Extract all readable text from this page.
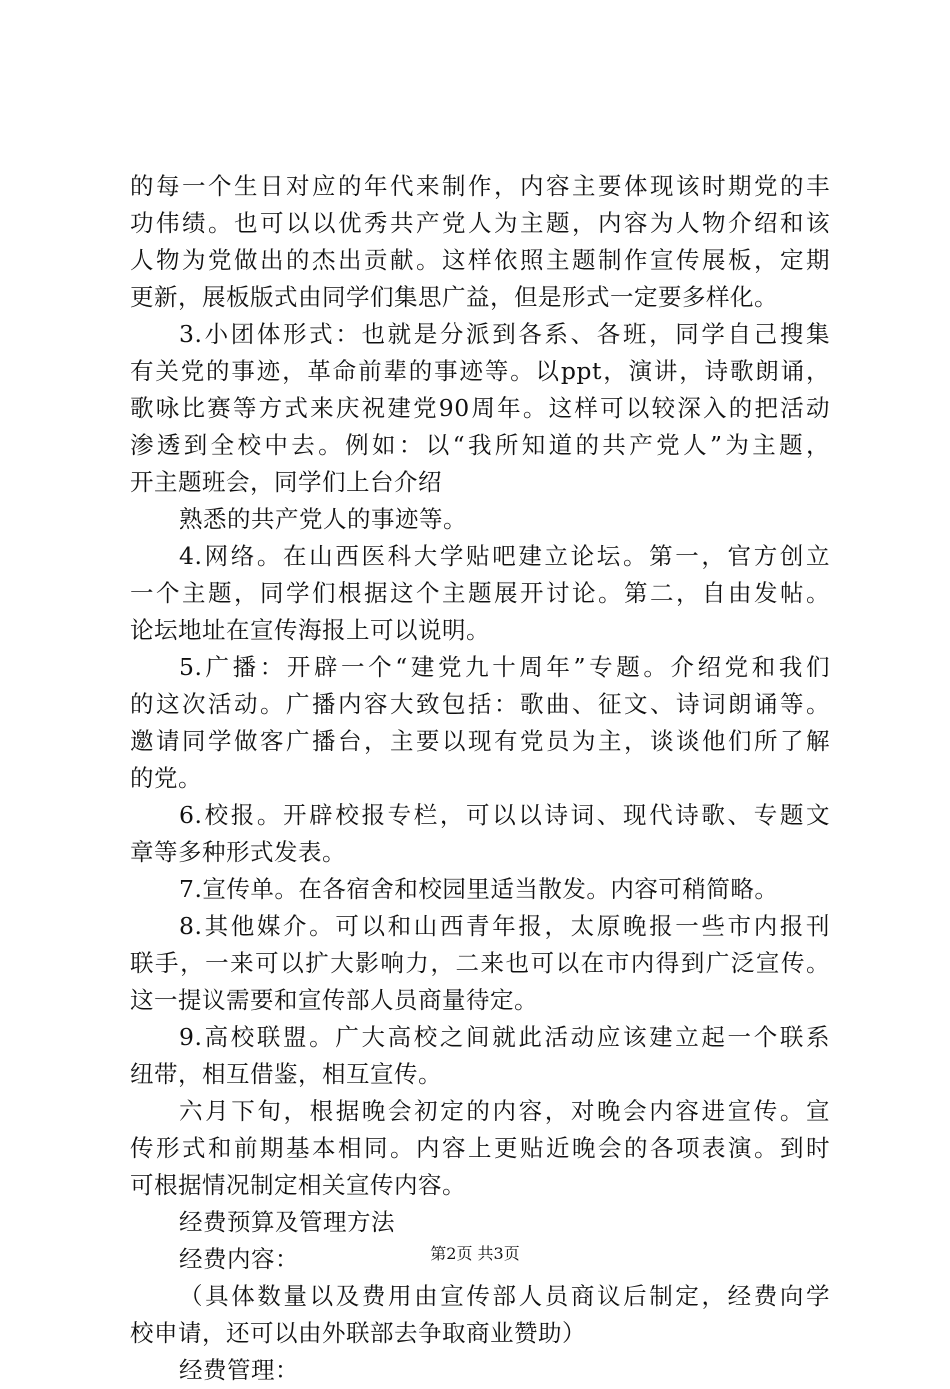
的每一个生日对应的年代来制作，内容主要体现该时期党的丰
功伟绩。也可以以优秀共产党人为主题，内容为人物介绍和该
人物为党做出的杰出贡献。这样依照主题制作宣传展板，定期
更新，展板版式由同学们集思广益，但是形式一定要多样化。
3.小团体形式：也就是分派到各系、各班，同学自己搜集
有关党的事迹，革命前辈的事迹等。以ppt，演讲，诗歌朗诵，
歌咏比赛等方式来庆祝建党90周年。这样可以较深入的把活动
渗透到全校中去。例如：以“我所知道的共产党人”为主题，
开主题班会，同学们上台介绍
熟悉的共产党人的事迹等。
4.网络。在山西医科大学贴吧建立论坛。第一，官方创立
一个主题，同学们根据这个主题展开讨论。第二，自由发帖。
论坛地址在宣传海报上可以说明。
5.广播：开辟一个“建党九十周年”专题。介绍党和我们
的这次活动。广播内容大致包括：歌曲、征文、诗词朗诵等。
邀请同学做客广播台，主要以现有党员为主，谈谈他们所了解
的党。
6.校报。开辟校报专栏，可以以诗词、现代诗歌、专题文
章等多种形式发表。
7.宣传单。在各宿舍和校园里适当散发。内容可稍简略。
8.其他媒介。可以和山西青年报，太原晚报一些市内报刊
联手，一来可以扩大影响力，二来也可以在市内得到广泛宣传。
这一提议需要和宣传部人员商量待定。
9.高校联盟。广大高校之间就此活动应该建立起一个联系
纽带，相互借鉴，相互宣传。
六月下旬，根据晚会初定的内容，对晚会内容进宣传。宣
传形式和前期基本相同。内容上更贴近晚会的各项表演。到时
可根据情况制定相关宣传内容。
经费预算及管理方法
经费内容：
（具体数量以及费用由宣传部人员商议后制定，经费向学
校申请，还可以由外联部去争取商业赞助）
经费管理：
第2页 共3页
